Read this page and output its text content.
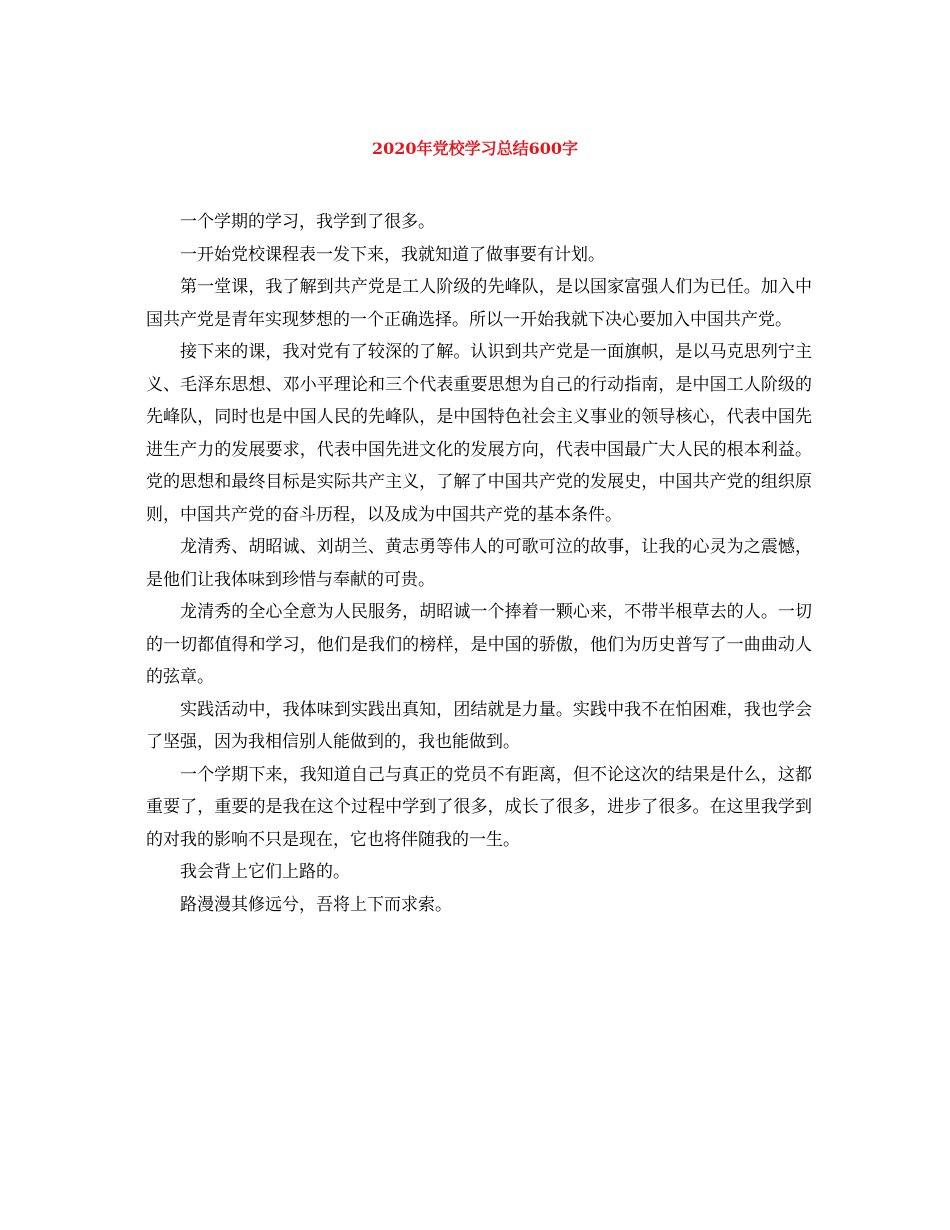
2020年党校学习总结600字

一个学期的学习，我学到了很多。

一开始党校课程表一发下来，我就知道了做事要有计划。

第一堂课，我了解到共产党是工人阶级的先峰队，是以国家富强人们为已任。加入中国共产党是青年实现梦想的一个正确选择。所以一开始我就下决心要加入中国共产党。

接下来的课，我对党有了较深的了解。认识到共产党是一面旗帜，是以马克思列宁主义、毛泽东思想、邓小平理论和三个代表重要思想为自己的行动指南，是中国工人阶级的先峰队，同时也是中国人民的先峰队，是中国特色社会主义事业的领导核心，代表中国先进生产力的发展要求，代表中国先进文化的发展方向，代表中国最广大人民的根本利益。党的思想和最终目标是实际共产主义，了解了中国共产党的发展史，中国共产党的组织原则，中国共产党的奋斗历程，以及成为中国共产党的基本条件。

龙清秀、胡昭诚、刘胡兰、黄志勇等伟人的可歌可泣的故事，让我的心灵为之震憾，是他们让我体味到珍惜与奉献的可贵。

龙清秀的全心全意为人民服务，胡昭诚一个捧着一颗心来，不带半根草去的人。一切的一切都值得和学习，他们是我们的榜样，是中国的骄傲，他们为历史普写了一曲曲动人的弦章。

实践活动中，我体味到实践出真知，团结就是力量。实践中我不在怕困难，我也学会了坚强，因为我相信别人能做到的，我也能做到。

一个学期下来，我知道自己与真正的党员不有距离，但不论这次的结果是什么，这都重要了，重要的是我在这个过程中学到了很多，成长了很多，进步了很多。在这里我学到的对我的影响不只是现在，它也将伴随我的一生。

我会背上它们上路的。

路漫漫其修远兮，吾将上下而求索。
